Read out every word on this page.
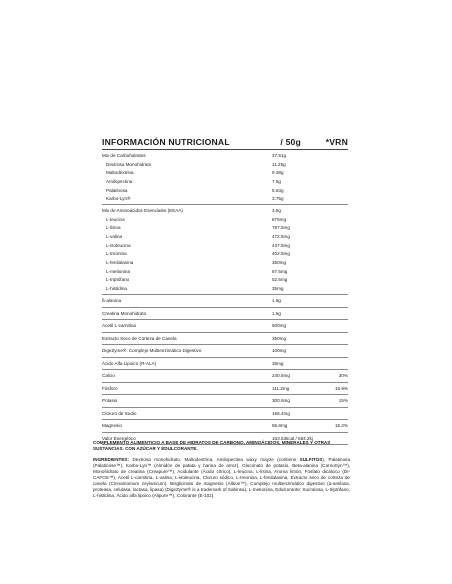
INFORMACIÓN NUTRICIONAL	/ 50g	*VRN
Mix de Carbohidratos	37.51g
Dextrosa Monohidrato	11.25g
Maltodextrina	9.38g
Amilopectina	7.5g
Palatinosa	5.63g
Karbo-Lyn®	3.75g
Mix de Aminoácidos Esenciales (EEAA)	3.5g
L-leucina	875mg
L-lisina	787.5mg
L-valina	472.5mg
L-isoleucina	437.5mg
L-treonina	402.5mg
L-fenilalanina	350mg
L-metionina	87.5mg
L-triptófano	52.5mg
L-histidina	35mg
ß-alanina	1.5g
Creatina Monohidrato	1.5g
Acetil L-carnitina	500mg
Extracto Seco de Corteza de Canela	350mg
DigeZyme®: Complejo Multienzimático Digestivo	100mg
Ácido Alfa Lipoico (R-ALA)	35mg
Calcio	240.6mg	30%
Fósforo	111.2mg	15.9%
Potasio	300.6mg	15%
Cloruro de Sodio	166.4mg
Magnesio	56.8mg	15.2%
Valor Energético	163.53kcal / 684.2kj
COMPLEMENTO ALIMENTICIO A BASE DE HIDRATOS DE CARBONO, AMINOÁCIDOS, MINERALES Y OTRAS SUSTANCIAS. CON AZÚCAR Y EDULCORANTE.
INGREDIENTES: Dextrosa monohidrato, Maltodextrina, Amilopectina waxy mayze (contiene SULFITOS), Palatinosa (Palatinose™), Karbo-Lyn™ (Almidón de patata y harina de arroz), Gluconato de potasio, Beta-alanina (CarnoSyn™), Monohidrato de creatina (Creapure™), Acidulante (Ácido cítrico), L-leucina, L-lisina, Aroma limón, Fosfato dicálcico (DI-CAFOS™), Acetil L-carnitina, L-valina, L-isoleucina, Cloruro sódico, L-treonina, L-fenilalanina, Extracto seco de corteza de canela (Cinnamomum zeylanicum), Bisglicinato de magnesio (Albion™), Complejo multienzimático digestivo (α-amilasa, proteasa, celulasa, lactasa, lipasa) (DigeZyme® is a trademark of Sabinsa), L-metionina, Edulcorante: Sucralosa, L-triptófano, L-histidina, Ácido alfa lipoico (Alipure™), Colorante (E-102).
